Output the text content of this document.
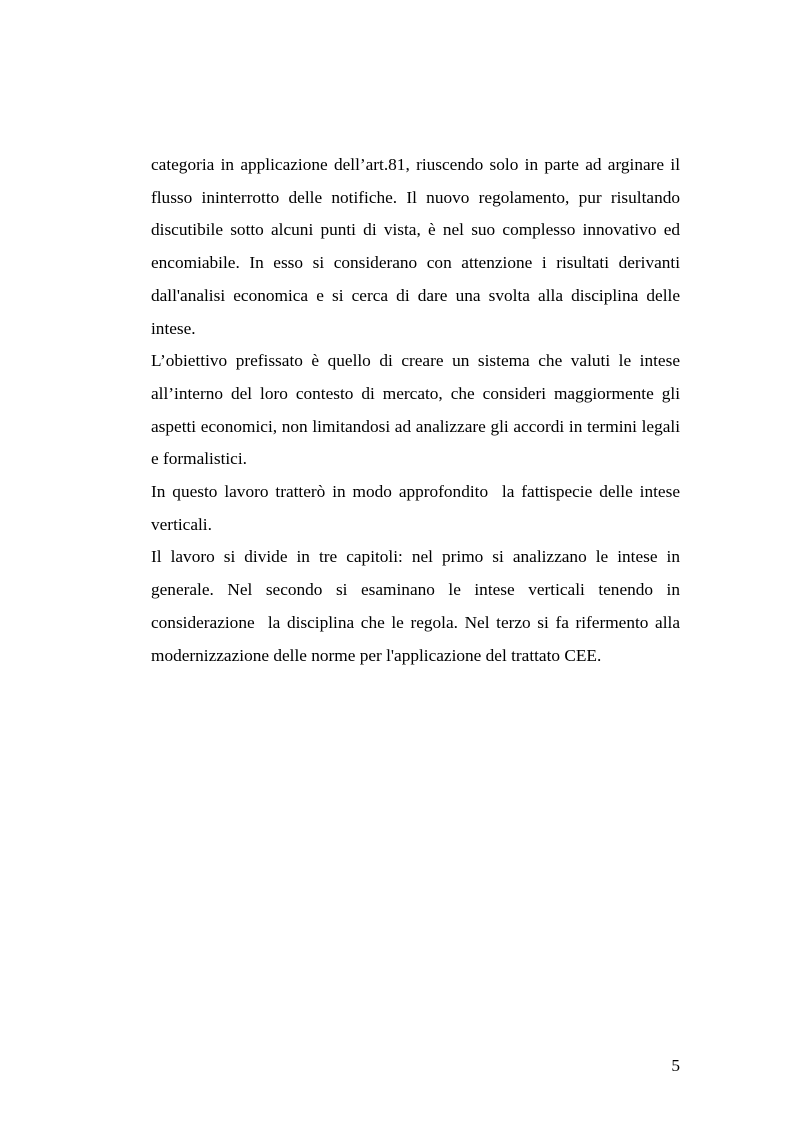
categoria in applicazione dell’art.81, riuscendo solo in parte ad arginare il flusso ininterrotto delle notifiche. Il nuovo regolamento, pur risultando discutibile sotto alcuni punti di vista, è nel suo complesso innovativo ed encomiabile. In esso si considerano con attenzione i risultati derivanti dall'analisi economica e si cerca di dare una svolta alla disciplina delle intese.

L’obiettivo prefissato è quello di creare un sistema che valuti le intese all’interno del loro contesto di mercato, che consideri maggiormente gli aspetti economici, non limitandosi ad analizzare gli accordi in termini legali e formalistici.

In questo lavoro tratterò in modo approfondito  la fattispecie delle intese verticali.

Il lavoro si divide in tre capitoli: nel primo si analizzano le intese in generale. Nel secondo si esaminano le intese verticali tenendo in considerazione  la disciplina che le regola. Nel terzo si fa rifermento alla modernizzazione delle norme per l'applicazione del trattato CEE.

5
